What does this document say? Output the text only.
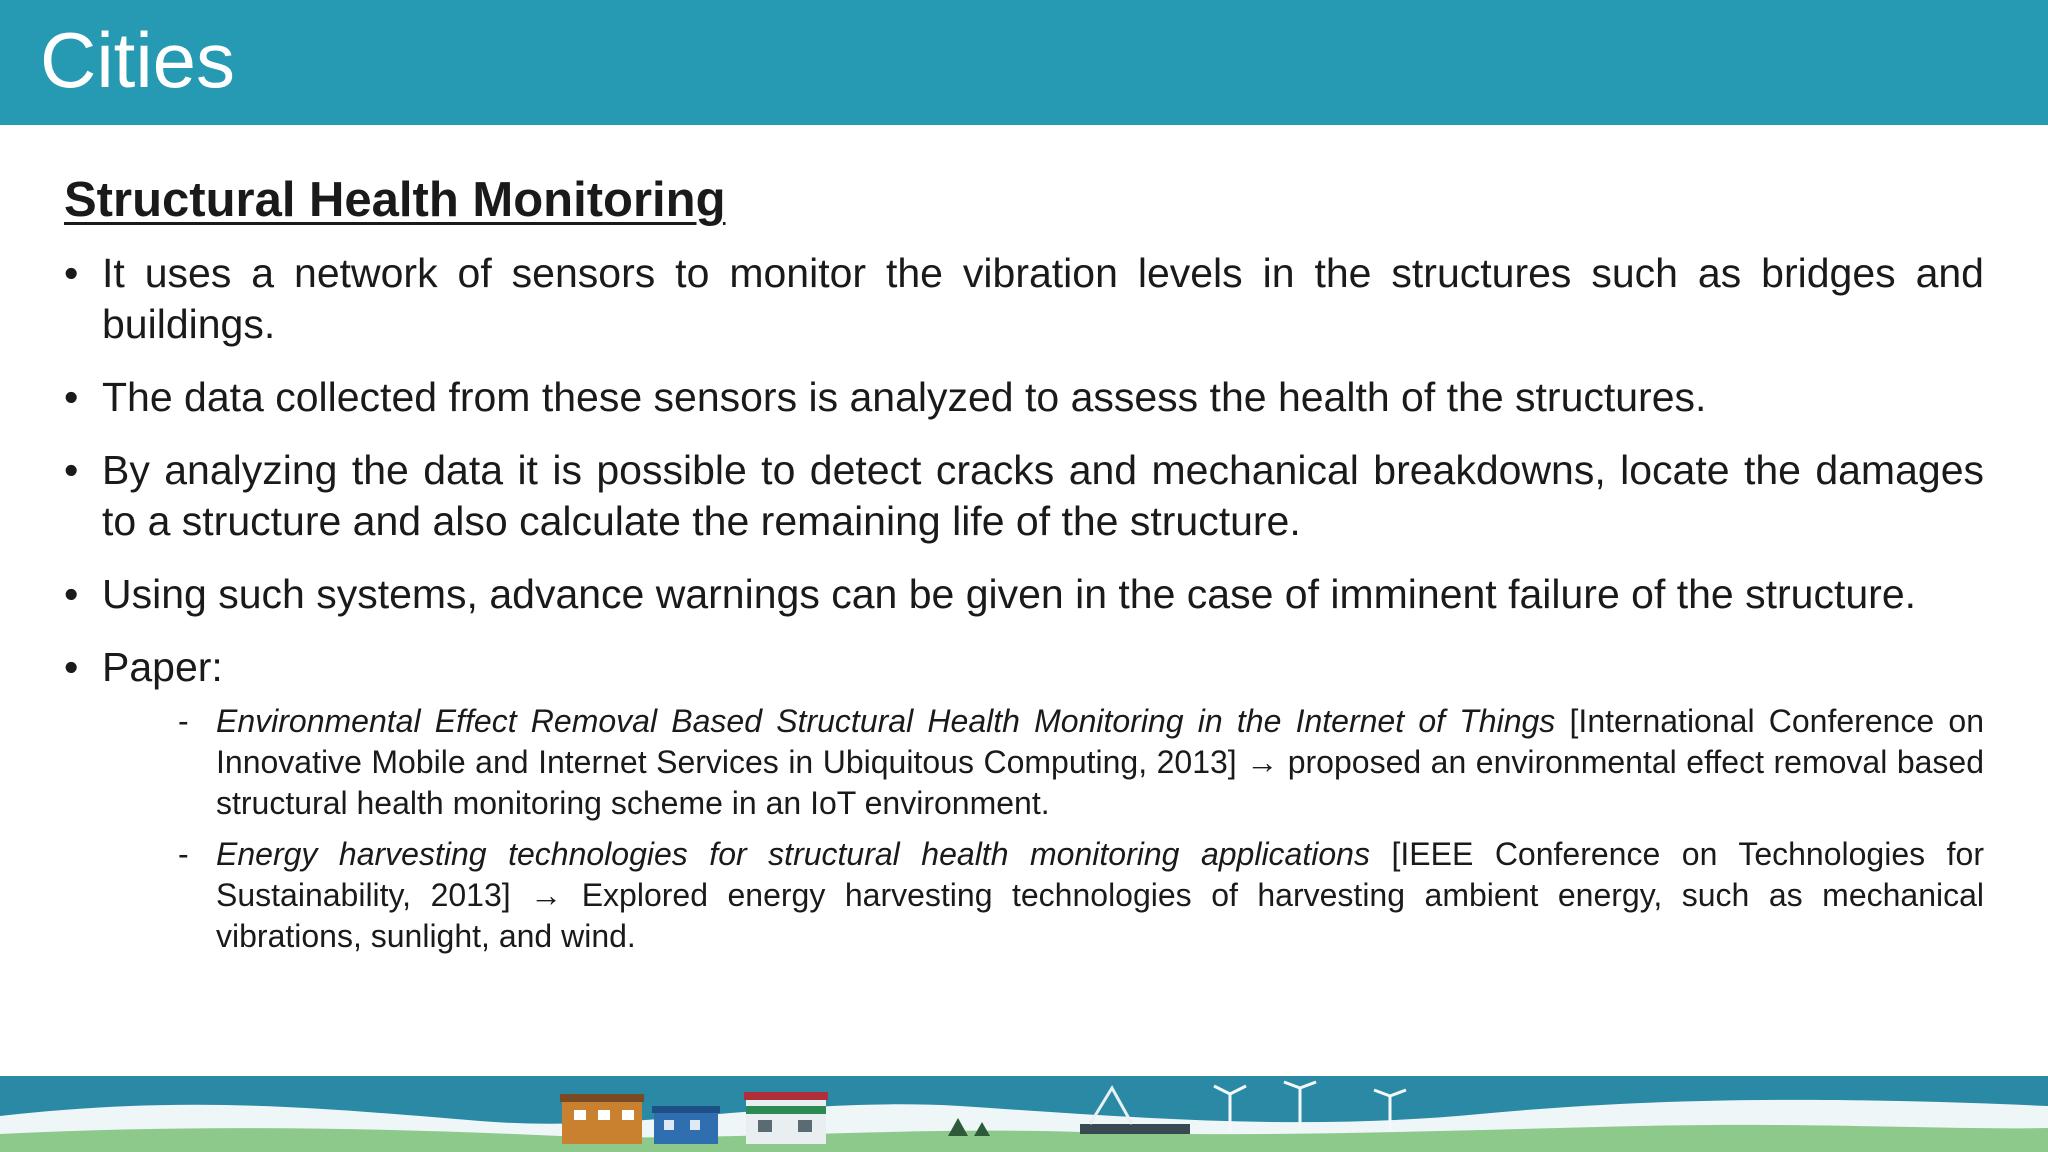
Cities
Structural Health Monitoring
• It uses a network of sensors to monitor the vibration levels in the structures such as bridges and buildings.
• The data collected from these sensors is analyzed to assess the health of the structures.
• By analyzing the data it is possible to detect cracks and mechanical breakdowns, locate the damages to a structure and also calculate the remaining life of the structure.
• Using such systems, advance warnings can be given in the case of imminent failure of the structure.
• Paper:
- Environmental Effect Removal Based Structural Health Monitoring in the Internet of Things [International Conference on Innovative Mobile and Internet Services in Ubiquitous Computing, 2013] → proposed an environmental effect removal based structural health monitoring scheme in an IoT environment.
- Energy harvesting technologies for structural health monitoring applications [IEEE Conference on Technologies for Sustainability, 2013] → Explored energy harvesting technologies of harvesting ambient energy, such as mechanical vibrations, sunlight, and wind.
